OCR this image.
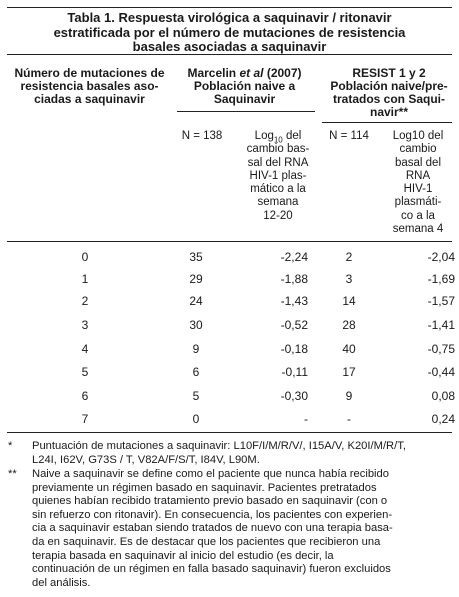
Tabla 1. Respuesta virológica a saquinavir / ritonavir
estratificada por el número de mutaciones de resistencia
basales asociadas a saquinavir
Número de mutaciones de
resistencia basales aso-
ciadas a saquinavir
Marcelin et al (2007)
Población naive a
Saquinavir
RESIST 1 y 2
Población naive/pre-
tratados con Saqui-
navir**
N = 138	Log$_{10}$ del
cambio bas-
sal del RNA
HIV-1 plas-
mático a la
semana
12-20
N = 114	Log10 del
cambio
basal del
RNA
HIV-1
plasmáti-
co a la
semana 4
0	35	-2,24	2	-2,04
1	29	-1,88	3	-1,69
2	24	-1,43	14	-1,57
3	30	-0,52	28	-1,41
4	9	-0,18	40	-0,75
5	6	-0,11	17	-0,44
6	5	-0,30	9	0,08
7	0	-	-	0,24
* Puntuación de mutaciones a saquinavir: L10F/I/M/R/V/, I15A/V, K20I/M/R/T,
L24I, I62V, G73S / T, V82A/F/S/T, I84V, L90M.
** Naive a saquinavir se define como el paciente que nunca había recibido
previamente un régimen basado en saquinavir. Pacientes pretratados
quienes habían recibido tratamiento previo basado en saquinavir (con o
sin refuerzo con ritonavir). En consecuencia, los pacientes con experien-
cia a saquinavir estaban siendo tratados de nuevo con una terapia basa-
da en saquinavir. Es de destacar que los pacientes que recibieron una
terapia basada en saquinavir al inicio del estudio (es decir, la
continuación de un régimen en falla basado saquinavir) fueron excluidos
del análisis.
